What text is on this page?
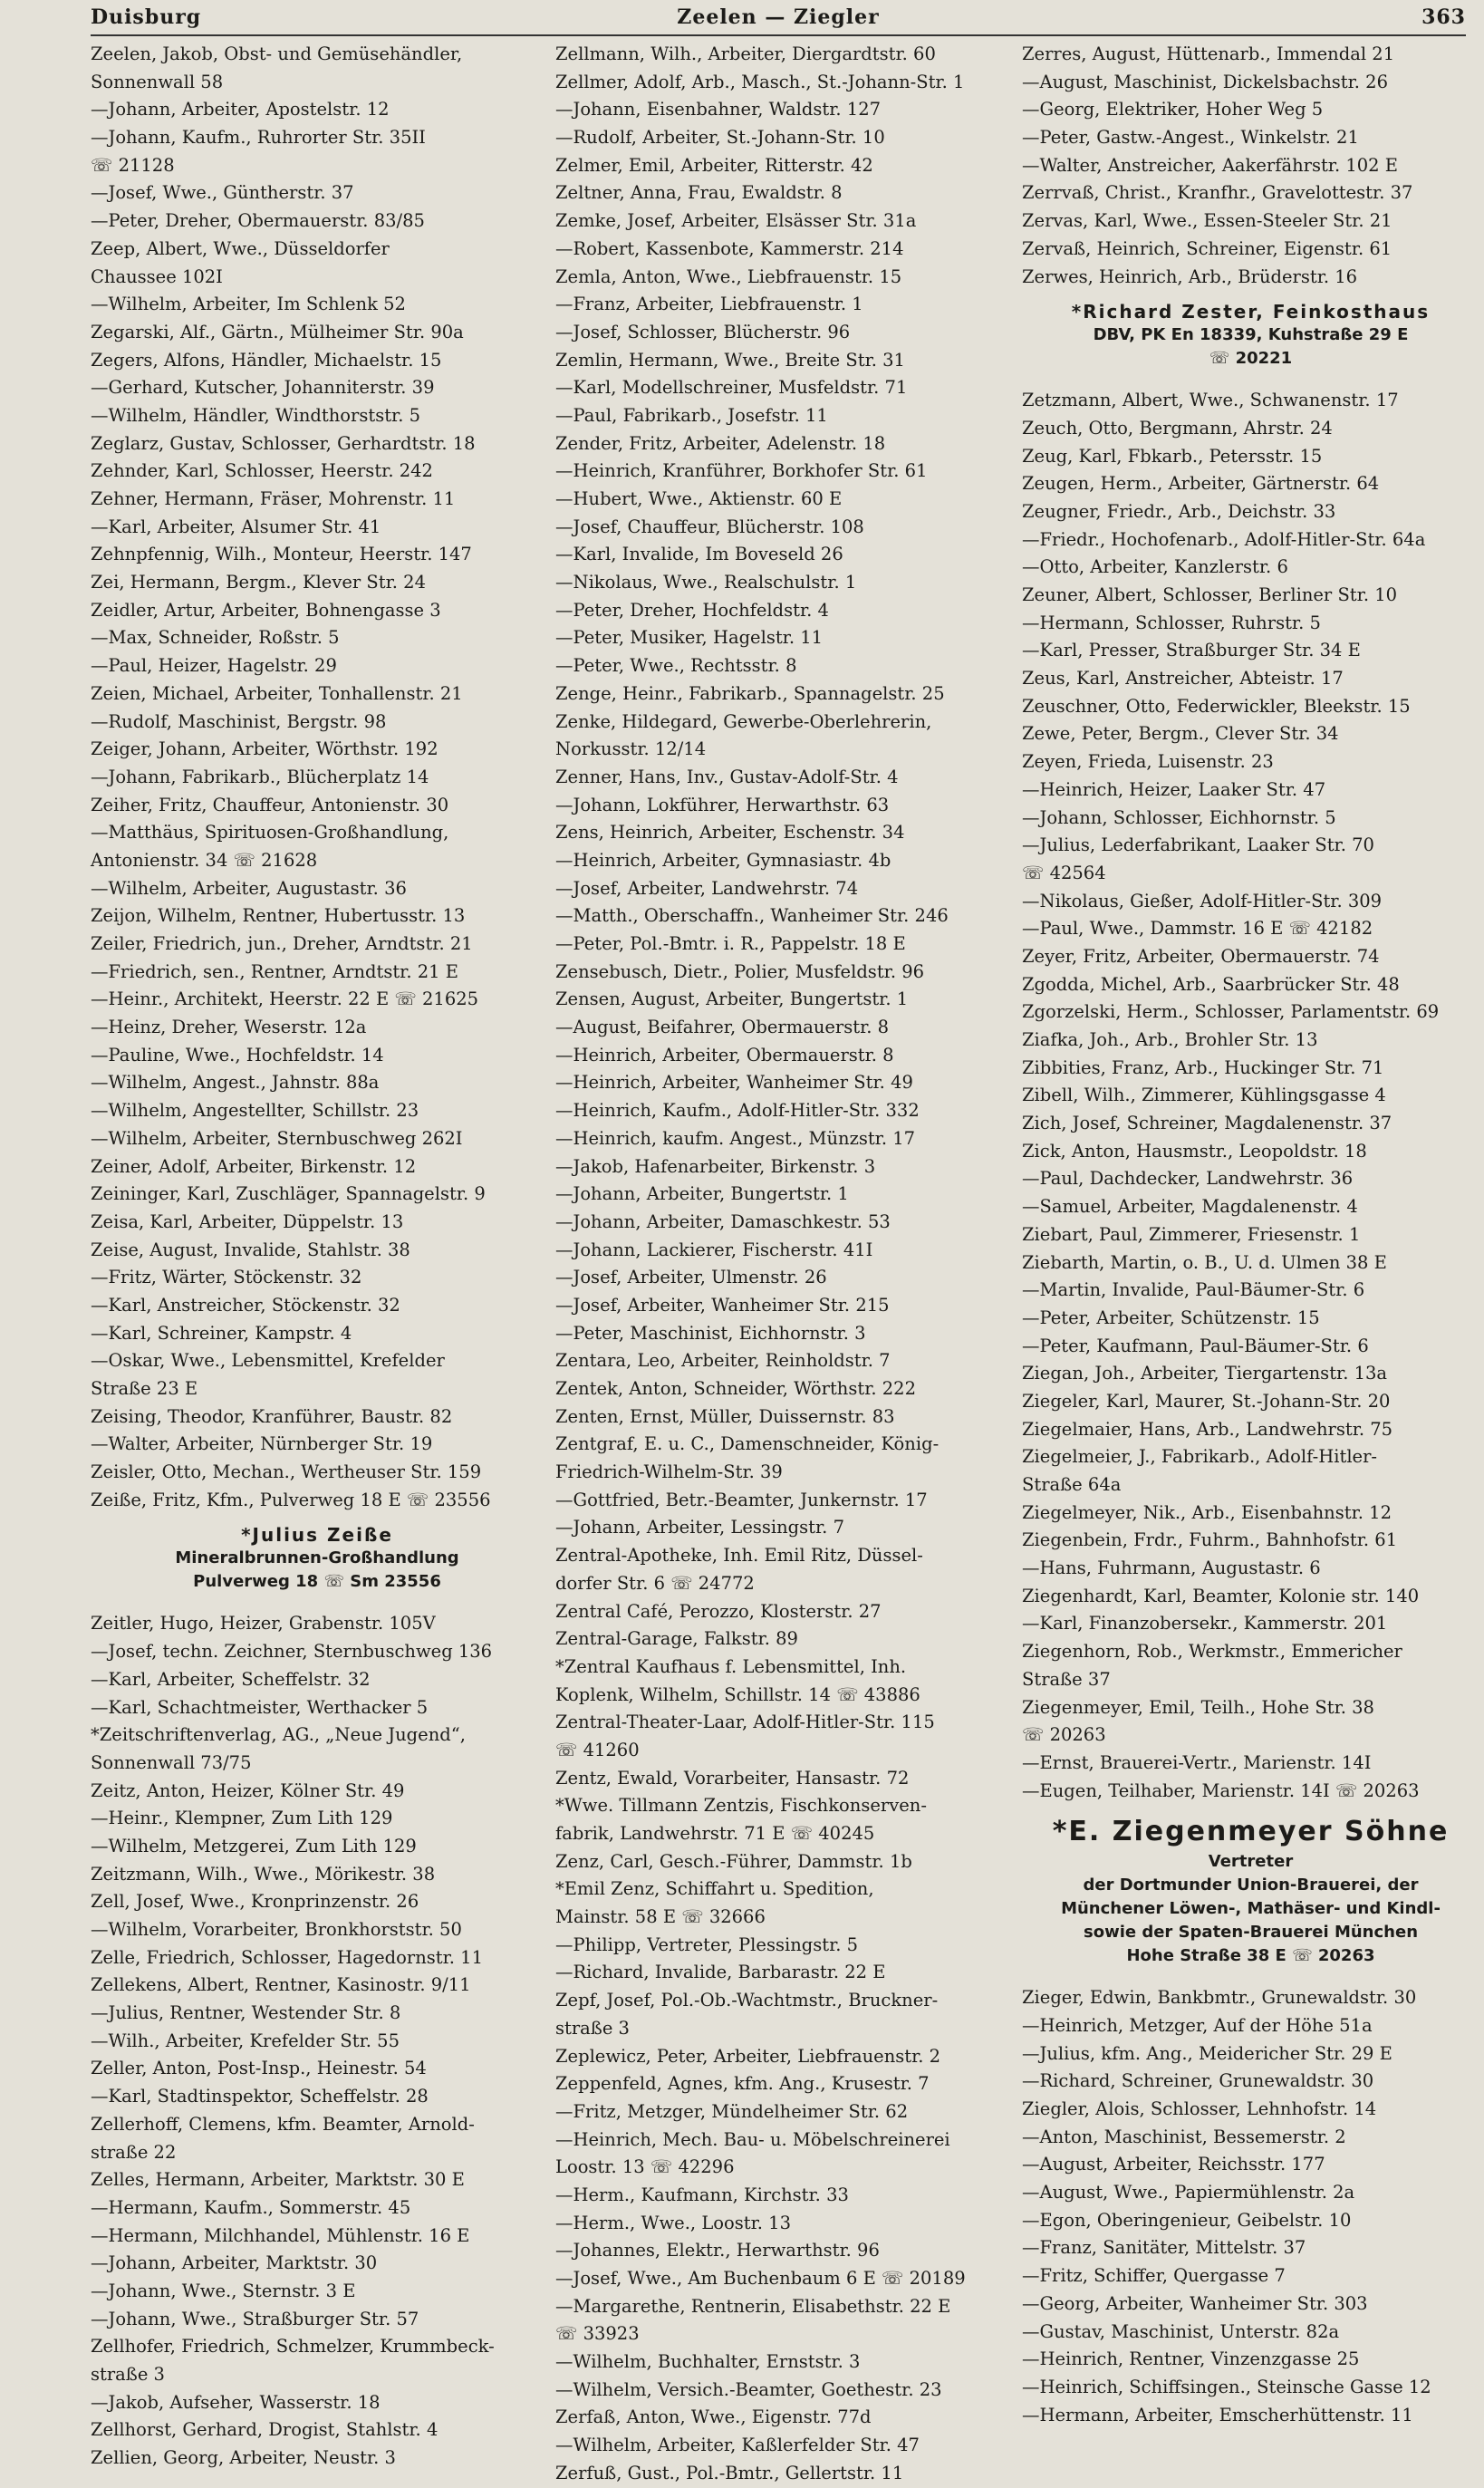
Duisburg	Zeelen — Ziegler	363
Zeelen, Jakob, Obst- und Gemüsehändler,
Sonnenwall 58
—Johann, Arbeiter, Apostelstr. 12
—Johann, Kaufm., Ruhrorter Str. 35II
☏ 21128
—Josef, Wwe., Güntherstr. 37
—Peter, Dreher, Obermauerstr. 83/85
Zeep, Albert, Wwe., Düsseldorfer
Chaussee 102I
—Wilhelm, Arbeiter, Im Schlenk 52
Zegarski, Alf., Gärtn., Mülheimer Str. 90a
Zegers, Alfons, Händler, Michaelstr. 15
—Gerhard, Kutscher, Johanniterstr. 39
—Wilhelm, Händler, Windthorststr. 5
Zeglarz, Gustav, Schlosser, Gerhardtstr. 18
Zehnder, Karl, Schlosser, Heerstr. 242
Zehner, Hermann, Fräser, Mohrenstr. 11
—Karl, Arbeiter, Alsumer Str. 41
Zehnpfennig, Wilh., Monteur, Heerstr. 147
Zei, Hermann, Bergm., Klever Str. 24
Zeidler, Artur, Arbeiter, Bohnengasse 3
—Max, Schneider, Roßstr. 5
—Paul, Heizer, Hagelstr. 29
Zeien, Michael, Arbeiter, Tonhallenstr. 21
—Rudolf, Maschinist, Bergstr. 98
Zeiger, Johann, Arbeiter, Wörthstr. 192
—Johann, Fabrikarb., Blücherplatz 14
Zeiher, Fritz, Chauffeur, Antonienstr. 30
—Matthäus, Spirituosen-Großhandlung,
Antonienstr. 34 ☏ 21628
—Wilhelm, Arbeiter, Augustastr. 36
Zeijon, Wilhelm, Rentner, Hubertusstr. 13
Zeiler, Friedrich, jun., Dreher, Arndtstr. 21
—Friedrich, sen., Rentner, Arndtstr. 21 E
—Heinr., Architekt, Heerstr. 22 E ☏ 21625
—Heinz, Dreher, Weserstr. 12a
—Pauline, Wwe., Hochfeldstr. 14
—Wilhelm, Angest., Jahnstr. 88a
—Wilhelm, Angestellter, Schillstr. 23
—Wilhelm, Arbeiter, Sternbuschweg 262I
Zeiner, Adolf, Arbeiter, Birkenstr. 12
Zeininger, Karl, Zuschläger, Spannagelstr. 9
Zeisa, Karl, Arbeiter, Düppelstr. 13
Zeise, August, Invalide, Stahlstr. 38
—Fritz, Wärter, Stöckenstr. 32
—Karl, Anstreicher, Stöckenstr. 32
—Karl, Schreiner, Kampstr. 4
—Oskar, Wwe., Lebensmittel, Krefelder
Straße 23 E
Zeising, Theodor, Kranführer, Baustr. 82
—Walter, Arbeiter, Nürnberger Str. 19
Zeisler, Otto, Mechan., Wertheuser Str. 159
Zeiße, Fritz, Kfm., Pulverweg 18 E ☏ 23556
*Julius Zeiße
Mineralbrunnen-Großhandlung
Pulverweg 18 ☏ Sm 23556
Zeitler, Hugo, Heizer, Grabenstr. 105V
—Josef, techn. Zeichner, Sternbuschweg 136
—Karl, Arbeiter, Scheffelstr. 32
—Karl, Schachtmeister, Werthacker 5
*Zeitschriftenverlag, AG., „Neue Jugend“,
Sonnenwall 73/75
Zeitz, Anton, Heizer, Kölner Str. 49
—Heinr., Klempner, Zum Lith 129
—Wilhelm, Metzgerei, Zum Lith 129
Zeitzmann, Wilh., Wwe., Mörikestr. 38
Zell, Josef, Wwe., Kronprinzenstr. 26
—Wilhelm, Vorarbeiter, Bronkhorststr. 50
Zelle, Friedrich, Schlosser, Hagedornstr. 11
Zellekens, Albert, Rentner, Kasinostr. 9/11
—Julius, Rentner, Westender Str. 8
—Wilh., Arbeiter, Krefelder Str. 55
Zeller, Anton, Post-Insp., Heinestr. 54
—Karl, Stadtinspektor, Scheffelstr. 28
Zellerhoff, Clemens, kfm. Beamter, Arnold-
straße 22
Zelles, Hermann, Arbeiter, Marktstr. 30 E
—Hermann, Kaufm., Sommerstr. 45
—Hermann, Milchhandel, Mühlenstr. 16 E
—Johann, Arbeiter, Marktstr. 30
—Johann, Wwe., Sternstr. 3 E
—Johann, Wwe., Straßburger Str. 57
Zellhofer, Friedrich, Schmelzer, Krummbeck-
straße 3
—Jakob, Aufseher, Wasserstr. 18
Zellhorst, Gerhard, Drogist, Stahlstr. 4
Zellien, Georg, Arbeiter, Neustr. 3
Zellmann, Wilh., Arbeiter, Diergardtstr. 60
Zellmer, Adolf, Arb., Masch., St.-Johann-Str. 1
—Johann, Eisenbahner, Waldstr. 127
—Rudolf, Arbeiter, St.-Johann-Str. 10
Zelmer, Emil, Arbeiter, Ritterstr. 42
Zeltner, Anna, Frau, Ewaldstr. 8
Zemke, Josef, Arbeiter, Elsässer Str. 31a
—Robert, Kassenbote, Kammerstr. 214
Zemla, Anton, Wwe., Liebfrauenstr. 15
—Franz, Arbeiter, Liebfrauenstr. 1
—Josef, Schlosser, Blücherstr. 96
Zemlin, Hermann, Wwe., Breite Str. 31
—Karl, Modellschreiner, Musfeldstr. 71
—Paul, Fabrikarb., Josefstr. 11
Zender, Fritz, Arbeiter, Adelenstr. 18
—Heinrich, Kranführer, Borkhofer Str. 61
—Hubert, Wwe., Aktienstr. 60 E
—Josef, Chauffeur, Blücherstr. 108
—Karl, Invalide, Im Boveseld 26
—Nikolaus, Wwe., Realschulstr. 1
—Peter, Dreher, Hochfeldstr. 4
—Peter, Musiker, Hagelstr. 11
—Peter, Wwe., Rechtsstr. 8
Zenge, Heinr., Fabrikarb., Spannagelstr. 25
Zenke, Hildegard, Gewerbe-Oberlehrerin,
Norkusstr. 12/14
Zenner, Hans, Inv., Gustav-Adolf-Str. 4
—Johann, Lokführer, Herwarthstr. 63
Zens, Heinrich, Arbeiter, Eschenstr. 34
—Heinrich, Arbeiter, Gymnasiastr. 4b
—Josef, Arbeiter, Landwehrstr. 74
—Matth., Oberschaffn., Wanheimer Str. 246
—Peter, Pol.-Bmtr. i. R., Pappelstr. 18 E
Zensebusch, Dietr., Polier, Musfeldstr. 96
Zensen, August, Arbeiter, Bungertstr. 1
—August, Beifahrer, Obermauerstr. 8
—Heinrich, Arbeiter, Obermauerstr. 8
—Heinrich, Arbeiter, Wanheimer Str. 49
—Heinrich, Kaufm., Adolf-Hitler-Str. 332
—Heinrich, kaufm. Angest., Münzstr. 17
—Jakob, Hafenarbeiter, Birkenstr. 3
—Johann, Arbeiter, Bungertstr. 1
—Johann, Arbeiter, Damaschkestr. 53
—Johann, Lackierer, Fischerstr. 41I
—Josef, Arbeiter, Ulmenstr. 26
—Josef, Arbeiter, Wanheimer Str. 215
—Peter, Maschinist, Eichhornstr. 3
Zentara, Leo, Arbeiter, Reinholdstr. 7
Zentek, Anton, Schneider, Wörthstr. 222
Zenten, Ernst, Müller, Duissernstr. 83
Zentgraf, E. u. C., Damenschneider, König-
Friedrich-Wilhelm-Str. 39
—Gottfried, Betr.-Beamter, Junkernstr. 17
—Johann, Arbeiter, Lessingstr. 7
Zentral-Apotheke, Inh. Emil Ritz, Düssel-
dorfer Str. 6 ☏ 24772
Zentral Café, Perozzo, Klosterstr. 27
Zentral-Garage, Falkstr. 89
*Zentral Kaufhaus f. Lebensmittel, Inh.
Koplenk, Wilhelm, Schillstr. 14 ☏ 43886
Zentral-Theater-Laar, Adolf-Hitler-Str. 115
☏ 41260
Zentz, Ewald, Vorarbeiter, Hansastr. 72
*Wwe. Tillmann Zentzis, Fischkonserven-
fabrik, Landwehrstr. 71 E ☏ 40245
Zenz, Carl, Gesch.-Führer, Dammstr. 1b
*Emil Zenz, Schiffahrt u. Spedition,
Mainstr. 58 E ☏ 32666
—Philipp, Vertreter, Plessingstr. 5
—Richard, Invalide, Barbarastr. 22 E
Zepf, Josef, Pol.-Ob.-Wachtmstr., Bruckner-
straße 3
Zeplewicz, Peter, Arbeiter, Liebfrauenstr. 2
Zeppenfeld, Agnes, kfm. Ang., Krusestr. 7
—Fritz, Metzger, Mündelheimer Str. 62
—Heinrich, Mech. Bau- u. Möbelschreinerei
Loostr. 13 ☏ 42296
—Herm., Kaufmann, Kirchstr. 33
—Herm., Wwe., Loostr. 13
—Johannes, Elektr., Herwarthstr. 96
—Josef, Wwe., Am Buchenbaum 6 E ☏ 20189
—Margarethe, Rentnerin, Elisabethstr. 22 E
☏ 33923
—Wilhelm, Buchhalter, Ernststr. 3
—Wilhelm, Versich.-Beamter, Goethestr. 23
Zerfaß, Anton, Wwe., Eigenstr. 77d
—Wilhelm, Arbeiter, Kaßlerfelder Str. 47
Zerfuß, Gust., Pol.-Bmtr., Gellertstr. 11
Zerres, August, Hüttenarb., Immendal 21
—August, Maschinist, Dickelsbachstr. 26
—Georg, Elektriker, Hoher Weg 5
—Peter, Gastw.-Angest., Winkelstr. 21
—Walter, Anstreicher, Aakerfährstr. 102 E
Zerrvaß, Christ., Kranfhr., Gravelottestr. 37
Zervas, Karl, Wwe., Essen-Steeler Str. 21
Zervaß, Heinrich, Schreiner, Eigenstr. 61
Zerwes, Heinrich, Arb., Brüderstr. 16
*Richard Zester, Feinkosthaus
DBV, PK En 18339, Kuhstraße 29 E
☏ 20221
Zetzmann, Albert, Wwe., Schwanenstr. 17
Zeuch, Otto, Bergmann, Ahrstr. 24
Zeug, Karl, Fbkarb., Petersstr. 15
Zeugen, Herm., Arbeiter, Gärtnerstr. 64
Zeugner, Friedr., Arb., Deichstr. 33
—Friedr., Hochofenarb., Adolf-Hitler-Str. 64a
—Otto, Arbeiter, Kanzlerstr. 6
Zeuner, Albert, Schlosser, Berliner Str. 10
—Hermann, Schlosser, Ruhrstr. 5
—Karl, Presser, Straßburger Str. 34 E
Zeus, Karl, Anstreicher, Abteistr. 17
Zeuschner, Otto, Federwickler, Bleekstr. 15
Zewe, Peter, Bergm., Clever Str. 34
Zeyen, Frieda, Luisenstr. 23
—Heinrich, Heizer, Laaker Str. 47
—Johann, Schlosser, Eichhornstr. 5
—Julius, Lederfabrikant, Laaker Str. 70
☏ 42564
—Nikolaus, Gießer, Adolf-Hitler-Str. 309
—Paul, Wwe., Dammstr. 16 E ☏ 42182
Zeyer, Fritz, Arbeiter, Obermauerstr. 74
Zgodda, Michel, Arb., Saarbrücker Str. 48
Zgorzelski, Herm., Schlosser, Parlamentstr. 69
Ziafka, Joh., Arb., Brohler Str. 13
Zibbities, Franz, Arb., Huckinger Str. 71
Zibell, Wilh., Zimmerer, Kühlingsgasse 4
Zich, Josef, Schreiner, Magdalenenstr. 37
Zick, Anton, Hausmstr., Leopoldstr. 18
—Paul, Dachdecker, Landwehrstr. 36
—Samuel, Arbeiter, Magdalenenstr. 4
Ziebart, Paul, Zimmerer, Friesenstr. 1
Ziebarth, Martin, o. B., U. d. Ulmen 38 E
—Martin, Invalide, Paul-Bäumer-Str. 6
—Peter, Arbeiter, Schützenstr. 15
—Peter, Kaufmann, Paul-Bäumer-Str. 6
Ziegan, Joh., Arbeiter, Tiergartenstr. 13a
Ziegeler, Karl, Maurer, St.-Johann-Str. 20
Ziegelmaier, Hans, Arb., Landwehrstr. 75
Ziegelmeier, J., Fabrikarb., Adolf-Hitler-
Straße 64a
Ziegelmeyer, Nik., Arb., Eisenbahnstr. 12
Ziegenbein, Frdr., Fuhrm., Bahnhofstr. 61
—Hans, Fuhrmann, Augustastr. 6
Ziegenhardt, Karl, Beamter, Kolonie str. 140
—Karl, Finanzobersekr., Kammerstr. 201
Ziegenhorn, Rob., Werkmstr., Emmericher
Straße 37
Ziegenmeyer, Emil, Teilh., Hohe Str. 38
☏ 20263
—Ernst, Brauerei-Vertr., Marienstr. 14I
—Eugen, Teilhaber, Marienstr. 14I ☏ 20263
*E. Ziegenmeyer Söhne
Vertreter
der Dortmunder Union-Brauerei, der
Münchener Löwen-, Mathäser- und Kindl-
sowie der Spaten-Brauerei München
Hohe Straße 38 E ☏ 20263
Zieger, Edwin, Bankbmtr., Grunewaldstr. 30
—Heinrich, Metzger, Auf der Höhe 51a
—Julius, kfm. Ang., Meidericher Str. 29 E
—Richard, Schreiner, Grunewaldstr. 30
Ziegler, Alois, Schlosser, Lehnhofstr. 14
—Anton, Maschinist, Bessemerstr. 2
—August, Arbeiter, Reichsstr. 177
—August, Wwe., Papiermühlenstr. 2a
—Egon, Oberingenieur, Geibelstr. 10
—Franz, Sanitäter, Mittelstr. 37
—Fritz, Schiffer, Quergasse 7
—Georg, Arbeiter, Wanheimer Str. 303
—Gustav, Maschinist, Unterstr. 82a
—Heinrich, Rentner, Vinzenzgasse 25
—Heinrich, Schiffsingen., Steinsche Gasse 12
—Hermann, Arbeiter, Emscherhüttenstr. 11
